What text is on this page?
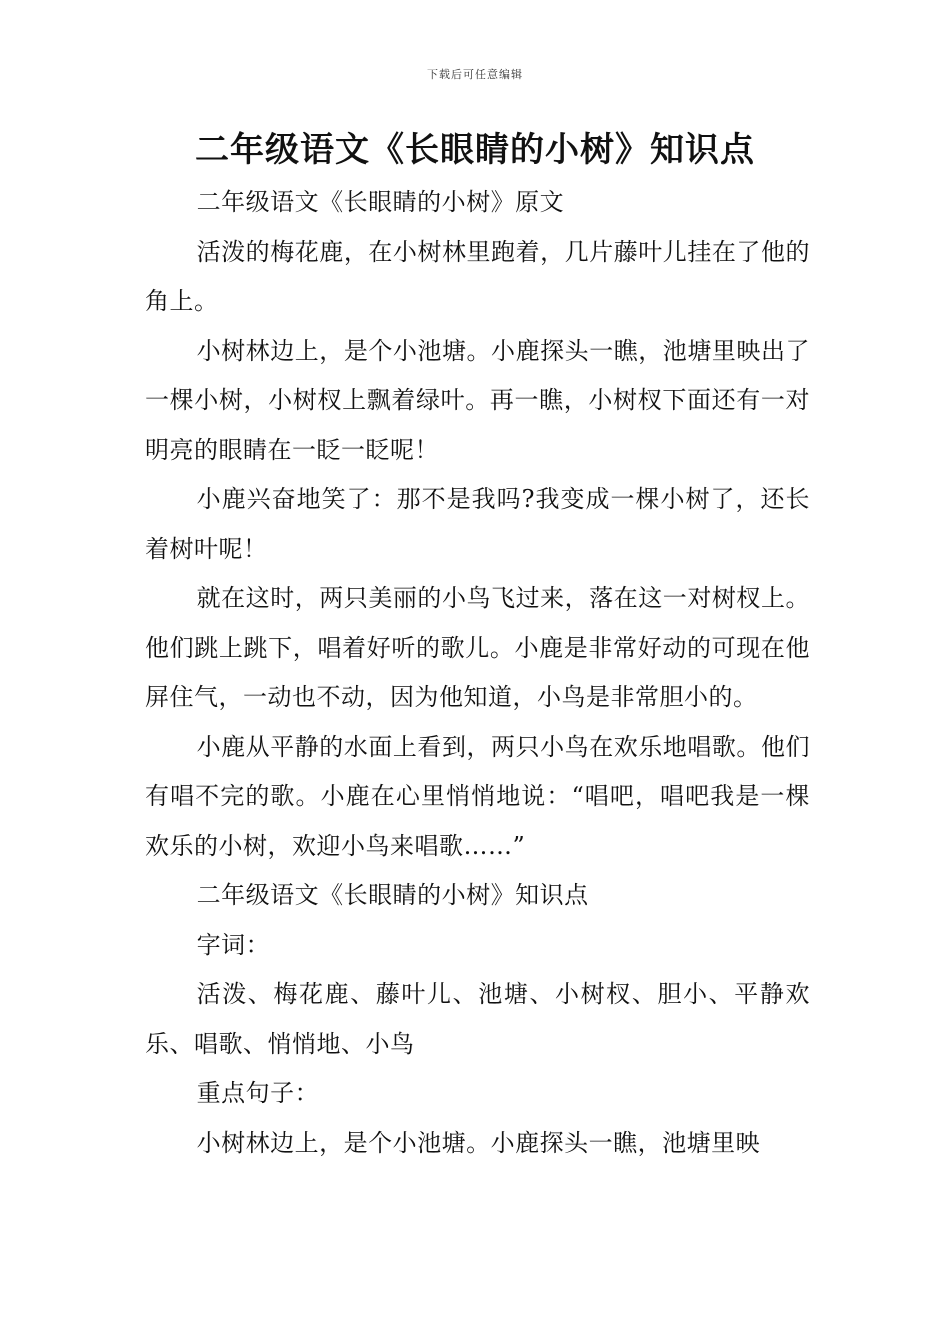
下载后可任意编辑
二年级语文《长眼睛的小树》知识点

二年级语文《长眼睛的小树》原文

活泼的梅花鹿，在小树林里跑着，几片藤叶儿挂在了他的角上。

小树林边上，是个小池塘。小鹿探头一瞧，池塘里映出了一棵小树，小树杈上飘着绿叶。再一瞧，小树杈下面还有一对明亮的眼睛在一眨一眨呢！

小鹿兴奋地笑了：那不是我吗?我变成一棵小树了，还长着树叶呢！

就在这时，两只美丽的小鸟飞过来，落在这一对树杈上。他们跳上跳下，唱着好听的歌儿。小鹿是非常好动的可现在他屏住气，一动也不动，因为他知道，小鸟是非常胆小的。

小鹿从平静的水面上看到，两只小鸟在欢乐地唱歌。他们有唱不完的歌。小鹿在心里悄悄地说：“唱吧，唱吧我是一棵欢乐的小树，欢迎小鸟来唱歌……”

二年级语文《长眼睛的小树》知识点

字词：

活泼、梅花鹿、藤叶儿、池塘、小树杈、胆小、平静欢乐、唱歌、悄悄地、小鸟

重点句子：

小树林边上，是个小池塘。小鹿探头一瞧，池塘里映
